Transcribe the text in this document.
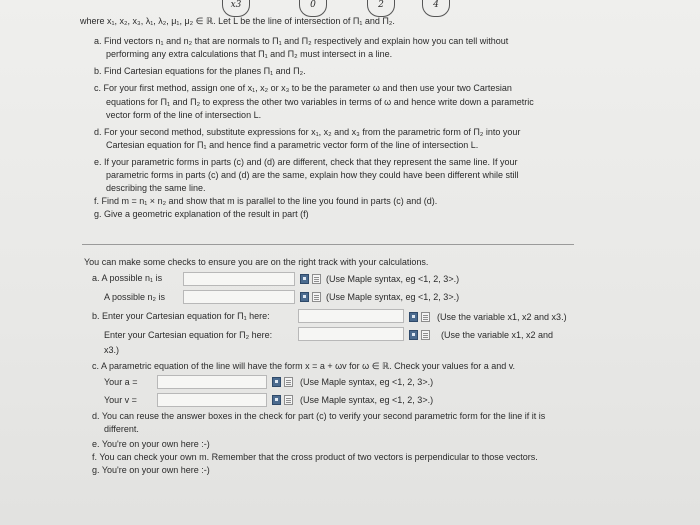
x3	0	2	4
where x₁, x₂, x₃, λ₁, λ₂, μ₁, μ₂ ∈ ℝ. Let L be the line of intersection of Π₁ and Π₂.
a. Find vectors n₁ and n₂ that are normals to Π₁ and Π₂ respectively and explain how you can tell without
performing any extra calculations that Π₁ and Π₂ must intersect in a line.
b. Find Cartesian equations for the planes Π₁ and Π₂.
c. For your first method, assign one of x₁, x₂ or x₃ to be the parameter ω and then use your two Cartesian
equations for Π₁ and Π₂ to express the other two variables in terms of ω and hence write down a parametric
vector form of the line of intersection L.
d. For your second method, substitute expressions for x₁, x₂ and x₃ from the parametric form of Π₂ into your
Cartesian equation for Π₁ and hence find a parametric vector form of the line of intersection L.
e. If your parametric forms in parts (c) and (d) are different, check that they represent the same line. If your
parametric forms in parts (c) and (d) are the same, explain how they could have been different while still
describing the same line.
f. Find m = n₁ × n₂ and show that m is parallel to the line you found in parts (c) and (d).
g. Give a geometric explanation of the result in part (f)
You can make some checks to ensure you are on the right track with your calculations.
a. A possible n₁ is	(Use Maple syntax, eg <1, 2, 3>.)
A possible n₂ is	(Use Maple syntax, eg <1, 2, 3>.)
b. Enter your Cartesian equation for Π₁ here:	(Use the variable x1, x2 and x3.)
Enter your Cartesian equation for Π₂ here:	(Use the variable x1, x2 and
x3.)
c. A parametric equation of the line will have the form x = a + ωv for ω ∈ ℝ. Check your values for a and v.
Your a =	(Use Maple syntax, eg <1, 2, 3>.)
Your v =	(Use Maple syntax, eg <1, 2, 3>.)
d. You can reuse the answer boxes in the check for part (c) to verify your second parametric form for the line if it is
different.
e. You're on your own here :-)
f. You can check your own m. Remember that the cross product of two vectors is perpendicular to those vectors.
g. You're on your own here :-)
